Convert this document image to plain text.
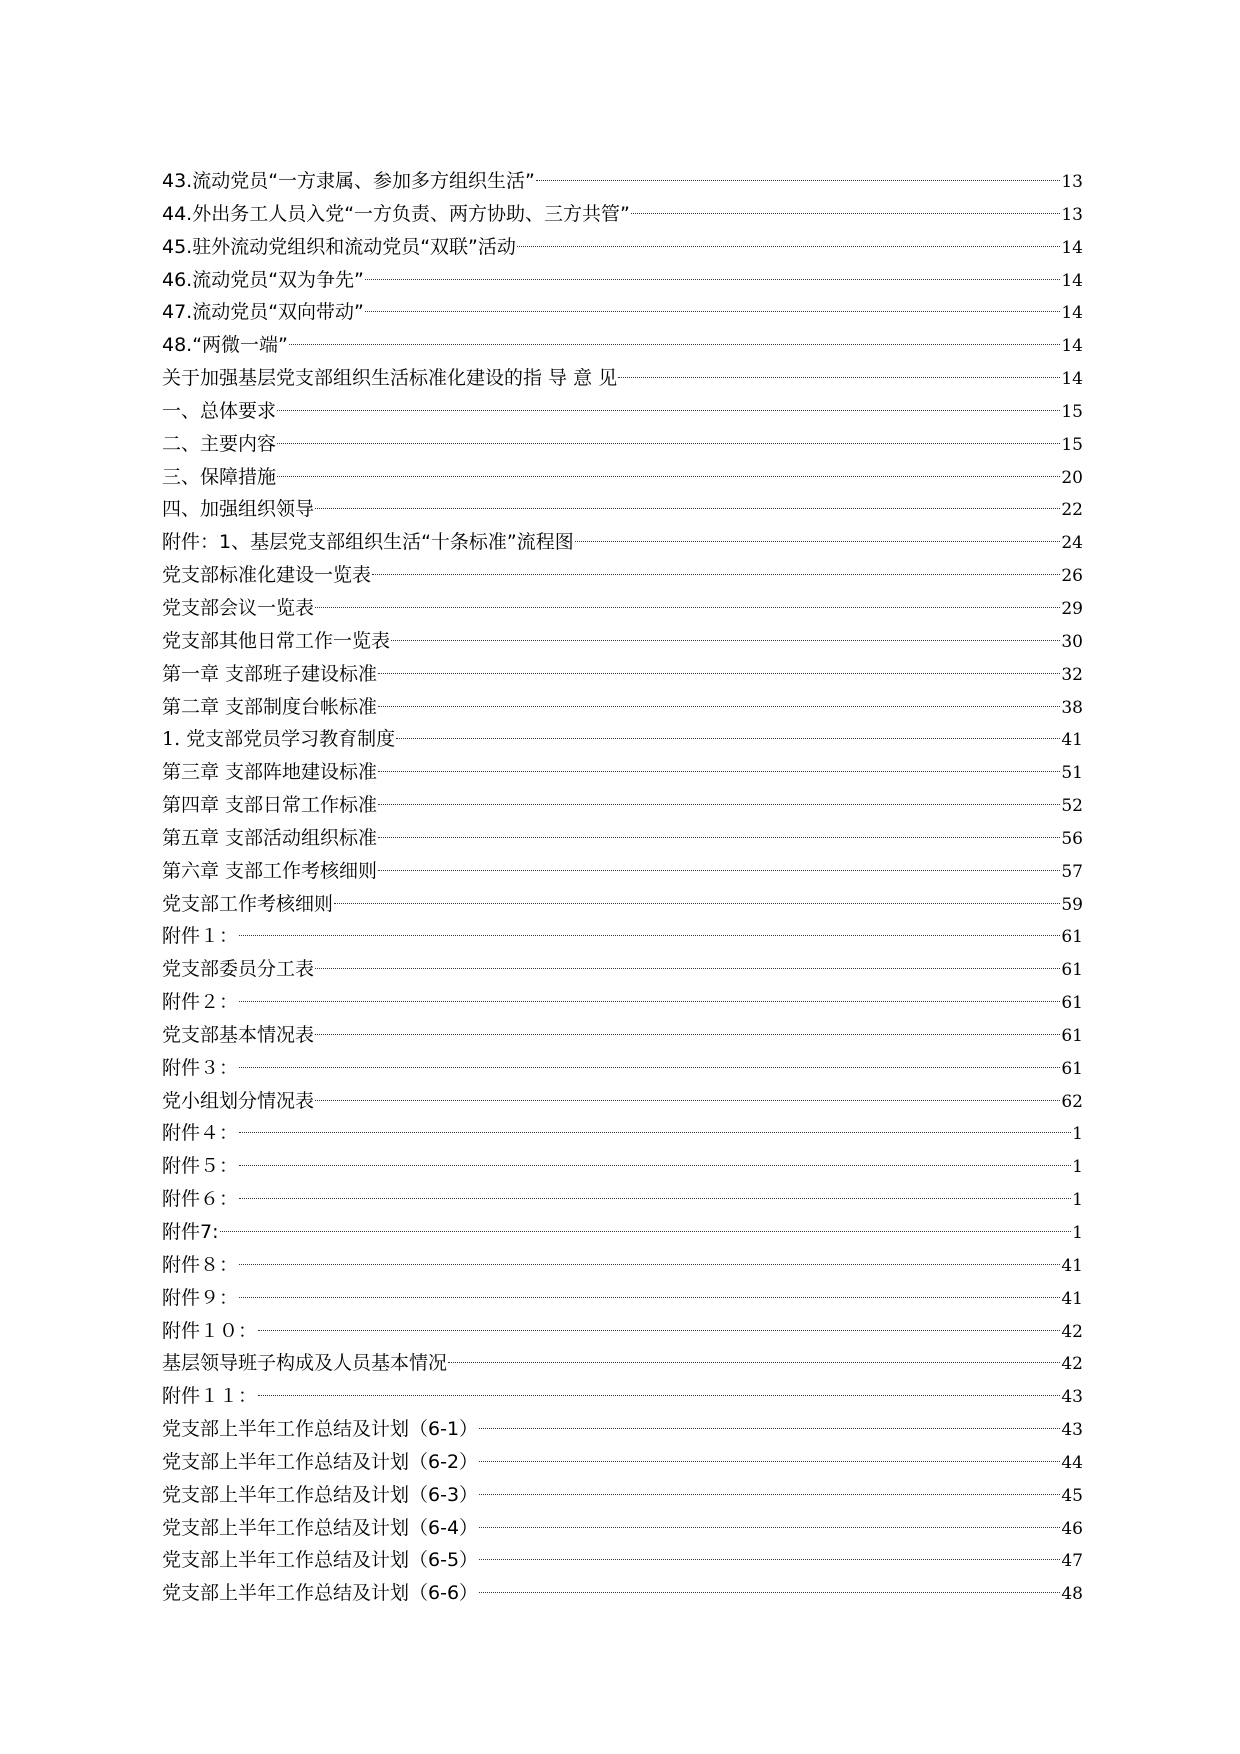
43.流动党员“一方隶属、参加多方组织生活”	13
44.外出务工人员入党“一方负责、两方协助、三方共管”	13
45.驻外流动党组织和流动党员“双联”活动	14
46.流动党员“双为争先”	14
47.流动党员“双向带动”	14
48.“两微一端”	14
关于加强基层党支部组织生活标准化建设的指 导 意 见	14
一、总体要求	15
二、主要内容	15
三、保障措施	20
四、加强组织领导	22
附件：1、基层党支部组织生活“十条标准”流程图	24
党支部标准化建设一览表	26
党支部会议一览表	29
党支部其他日常工作一览表	30
第一章 支部班子建设标准	32
第二章 支部制度台帐标准	38
1. 党支部党员学习教育制度	41
第三章 支部阵地建设标准	51
第四章 支部日常工作标准	52
第五章 支部活动组织标准	56
第六章 支部工作考核细则	57
党支部工作考核细则	59
附件１：	61
党支部委员分工表	61
附件２：	61
党支部基本情况表	61
附件３：	61
党小组划分情况表	62
附件４：	1
附件５：	1
附件６：	1
附件7:	1
附件８：	41
附件９：	41
附件１０：	42
基层领导班子构成及人员基本情况	42
附件１１：	43
党支部上半年工作总结及计划（6-1）	43
党支部上半年工作总结及计划（6-2）	44
党支部上半年工作总结及计划（6-3）	45
党支部上半年工作总结及计划（6-4）	46
党支部上半年工作总结及计划（6-5）	47
党支部上半年工作总结及计划（6-6）	48
